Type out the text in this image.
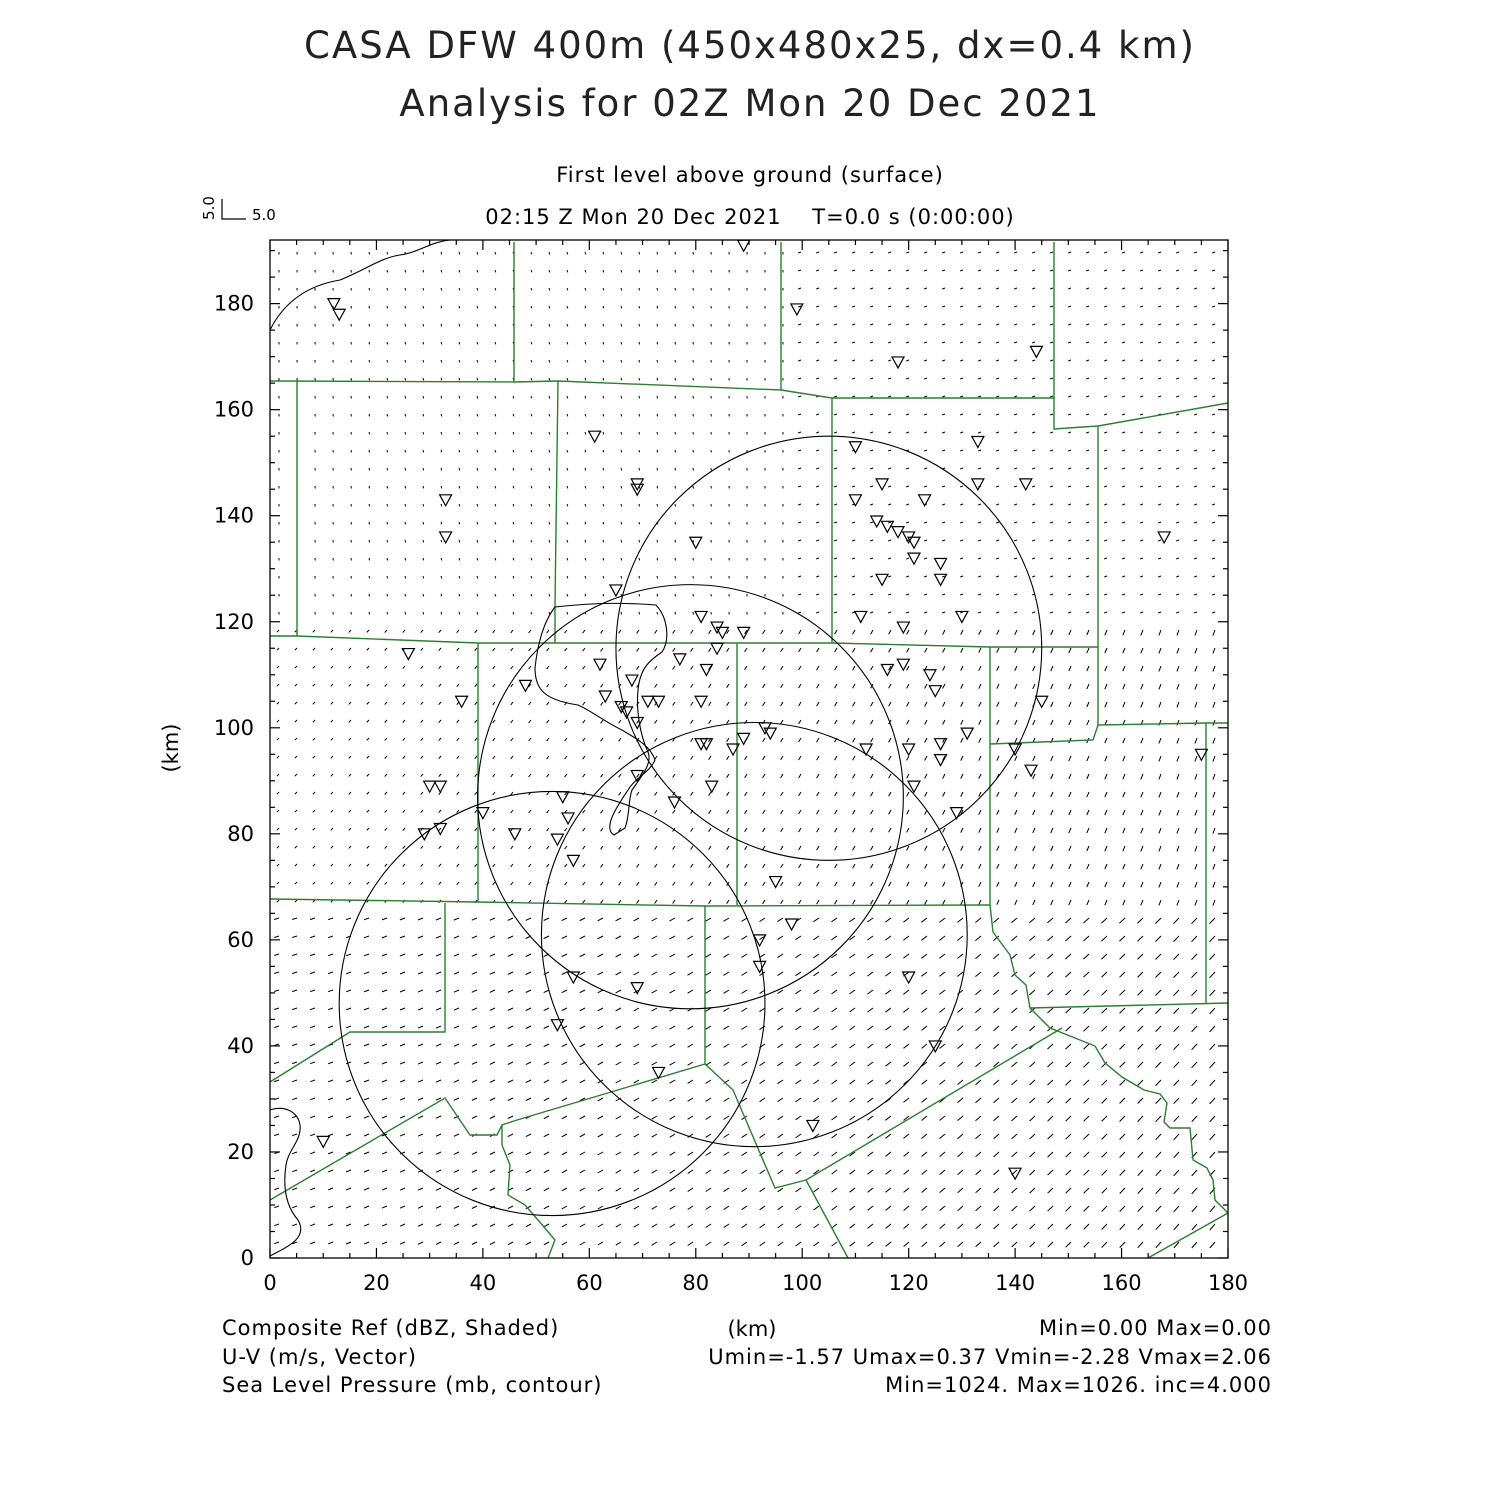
CASA DFW 400m (450x480x25, dx=0.4 km)
Analysis for 02Z Mon 20 Dec 2021
First level above ground (surface)
02:15 Z Mon 20 Dec 2021    T=0.0 s (0:00:00)
0	20	40	60	80	100	120	140	160	180
0
20
40
60
80
100
120
140
160
180
(km)
(km)
5.0 5.0
Composite Ref (dBZ, Shaded)	Min=0.00 Max=0.00
U-V (m/s, Vector)	Umin=-1.57 Umax=0.37 Vmin=-2.28 Vmax=2.06
Sea Level Pressure (mb, contour)	Min=1024. Max=1026. inc=4.000
